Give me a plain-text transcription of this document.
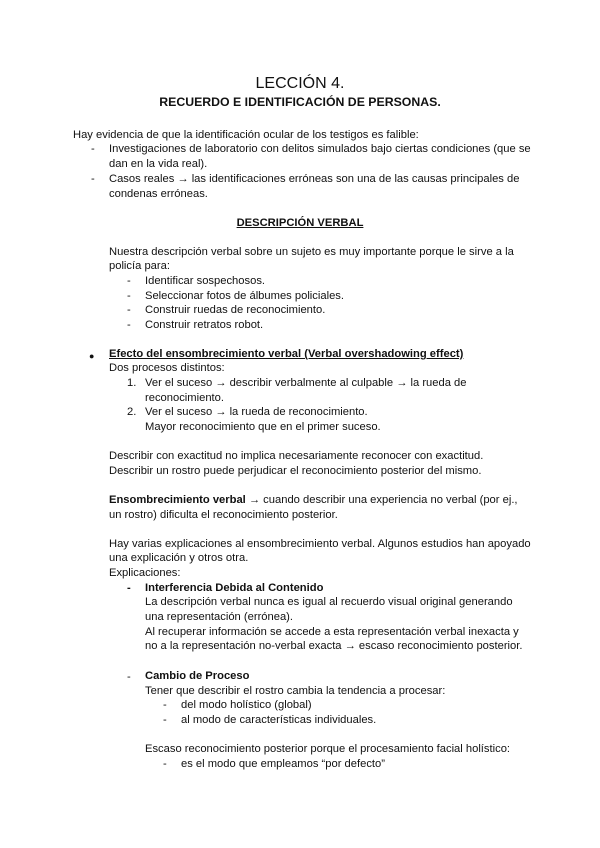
LECCIÓN 4.
RECUERDO E IDENTIFICACIÓN DE PERSONAS.
Hay evidencia de que la identificación ocular de los testigos es falible:
- Investigaciones de laboratorio con delitos simulados bajo ciertas condiciones (que se
dan en la vida real).
- Casos reales → las identificaciones erróneas son una de las causas principales de
condenas erróneas.
DESCRIPCIÓN VERBAL
Nuestra descripción verbal sobre un sujeto es muy importante porque le sirve a la
policía para:
- Identificar sospechosos.
- Seleccionar fotos de álbumes policiales.
- Construir ruedas de reconocimiento.
- Construir retratos robot.
● Efecto del ensombrecimiento verbal (Verbal overshadowing effect)
Dos procesos distintos:
1. Ver el suceso → describir verbalmente al culpable → la rueda de
reconocimiento.
2. Ver el suceso → la rueda de reconocimiento.
Mayor reconocimiento que en el primer suceso.
Describir con exactitud no implica necesariamente reconocer con exactitud.
Describir un rostro puede perjudicar el reconocimiento posterior del mismo.
Ensombrecimiento verbal → cuando describir una experiencia no verbal (por ej.,
un rostro) dificulta el reconocimiento posterior.
Hay varias explicaciones al ensombrecimiento verbal. Algunos estudios han apoyado
una explicación y otros otra.
Explicaciones:
- Interferencia Debida al Contenido
La descripción verbal nunca es igual al recuerdo visual original generando
una representación (errónea).
Al recuperar información se accede a esta representación verbal inexacta y
no a la representación no-verbal exacta → escaso reconocimiento posterior.
- Cambio de Proceso
Tener que describir el rostro cambia la tendencia a procesar:
- del modo holístico (global)
- al modo de características individuales.
Escaso reconocimiento posterior porque el procesamiento facial holístico:
- es el modo que empleamos “por defecto”
